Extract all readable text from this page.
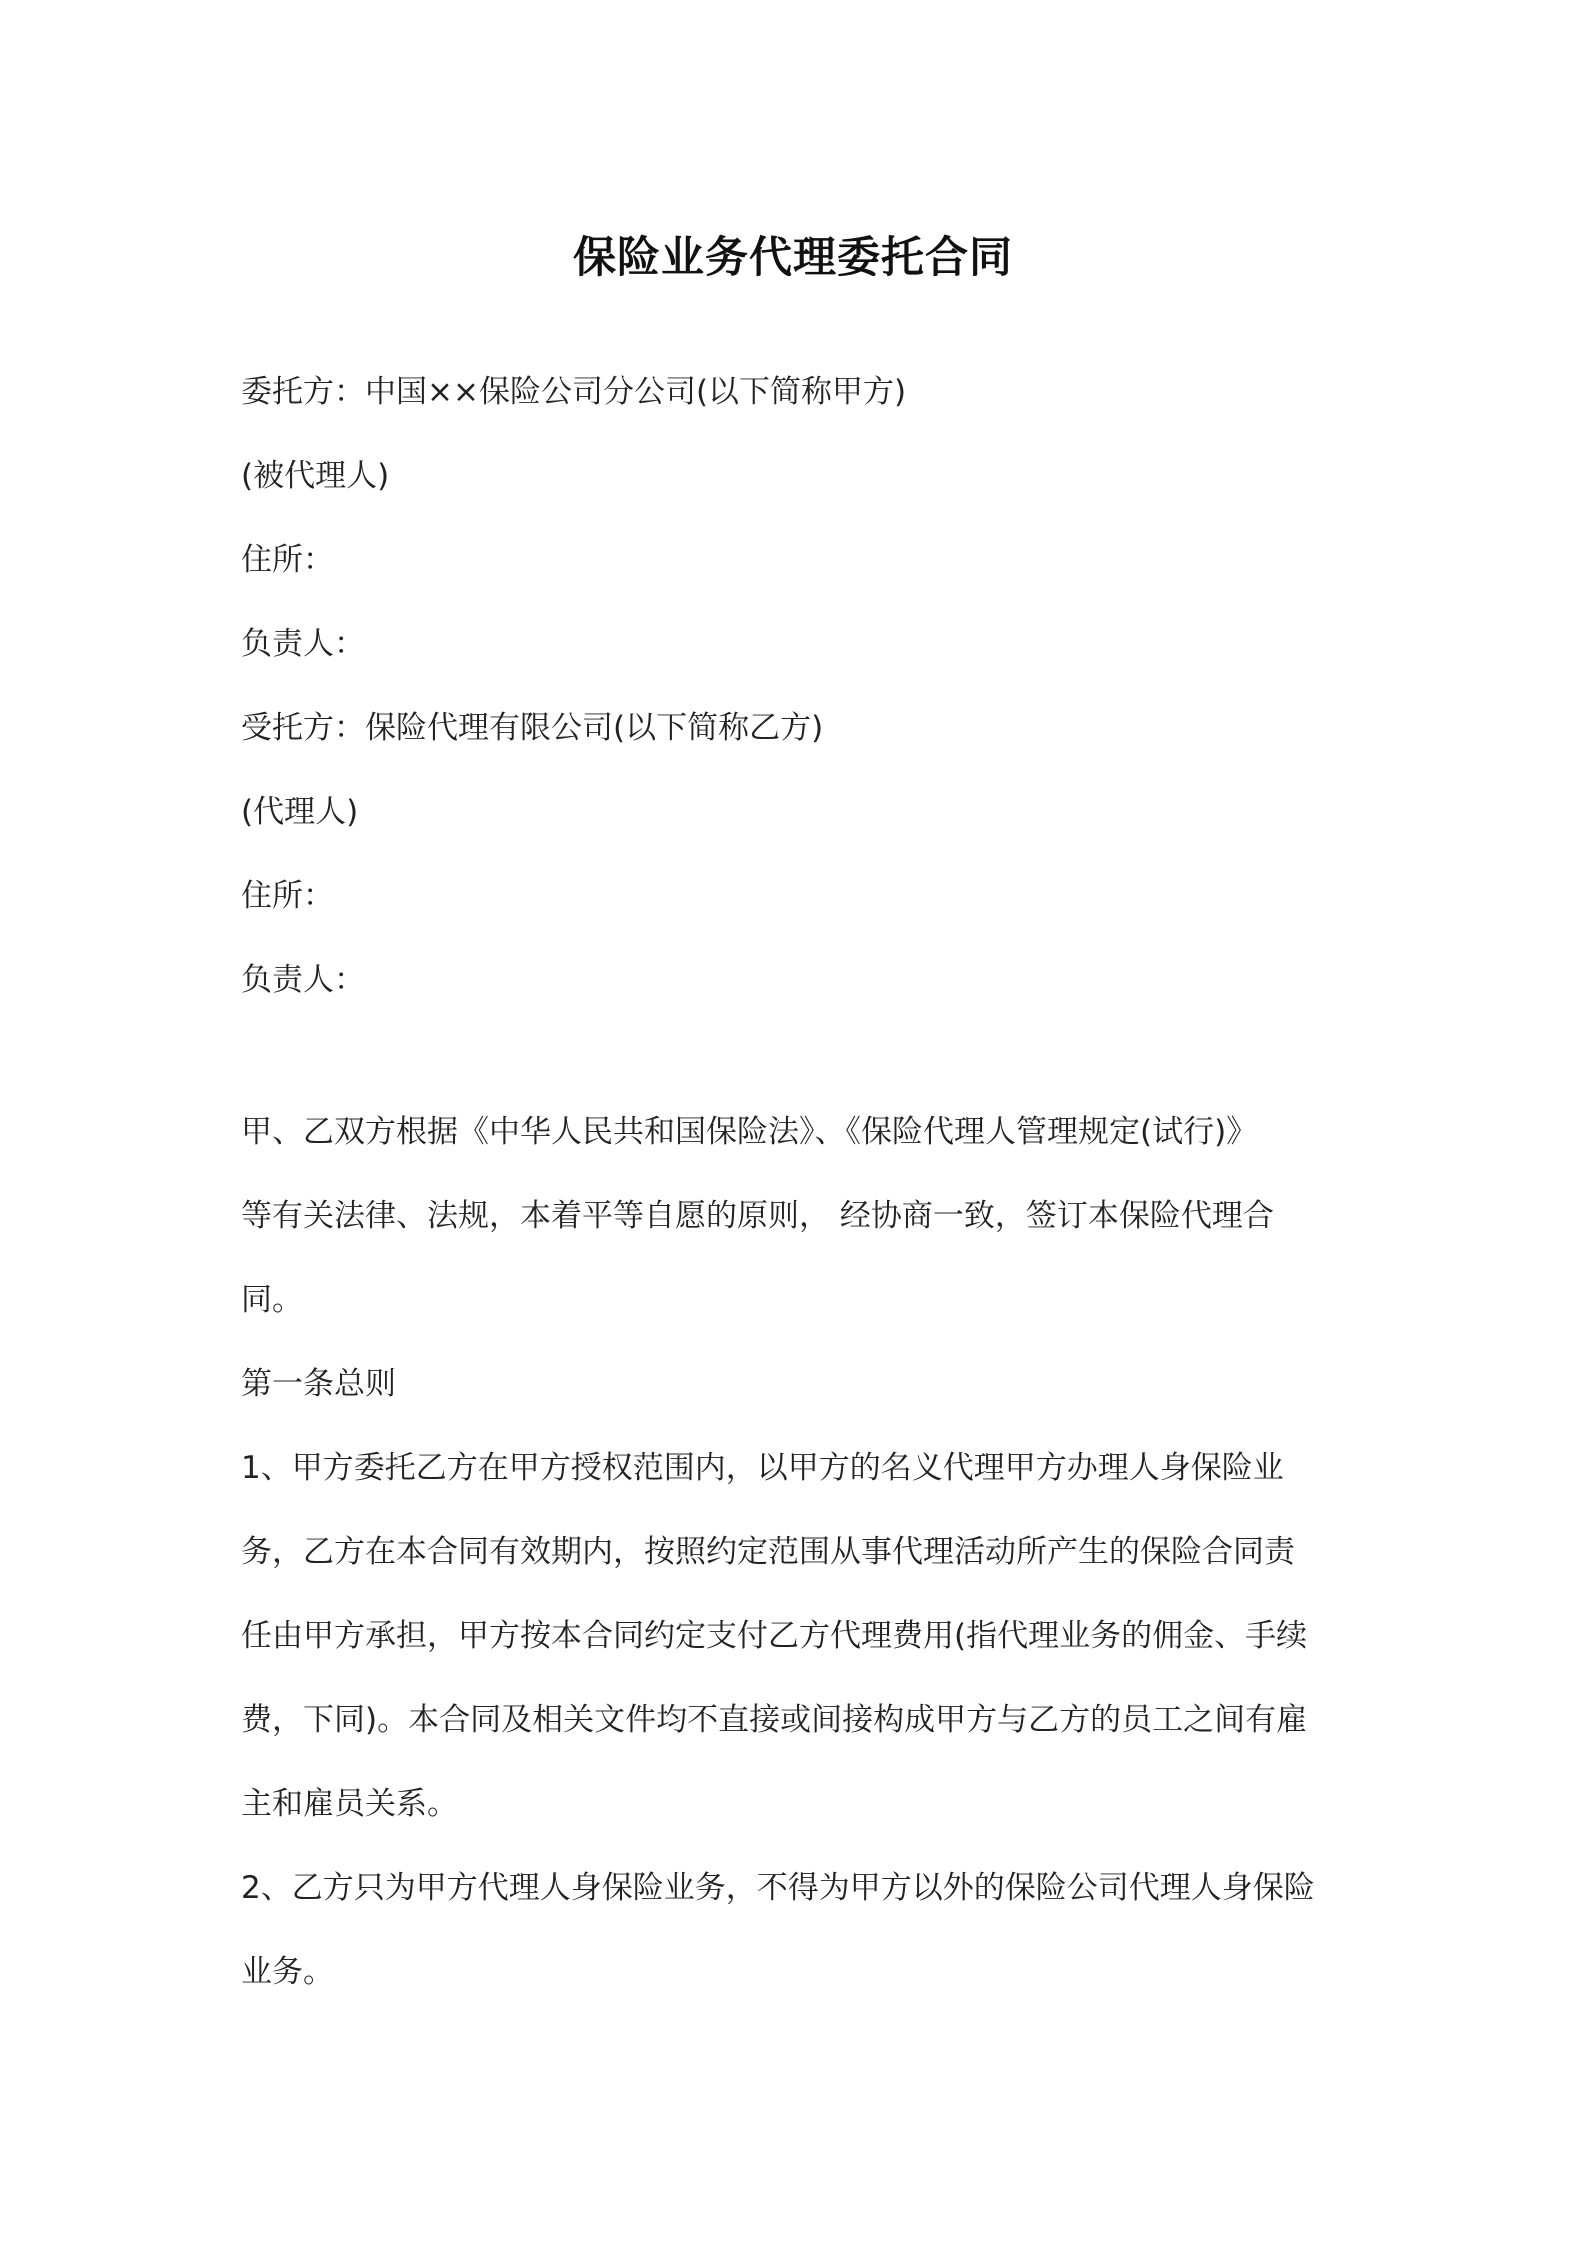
保险业务代理委托合同
委托方：中国××保险公司分公司(以下简称甲方)
(被代理人)
住所：
负责人：
受托方：保险代理有限公司(以下简称乙方)
(代理人)
住所：
负责人：
甲、乙双方根据《中华人民共和国保险法》、《保险代理人管理规定(试行)》
等有关法律、法规，本着平等自愿的原则， 经协商一致，签订本保险代理合
同。
第一条总则
1、甲方委托乙方在甲方授权范围内，以甲方的名义代理甲方办理人身保险业
务，乙方在本合同有效期内，按照约定范围从事代理活动所产生的保险合同责
任由甲方承担，甲方按本合同约定支付乙方代理费用(指代理业务的佣金、手续
费，下同)。本合同及相关文件均不直接或间接构成甲方与乙方的员工之间有雇
主和雇员关系。
2、乙方只为甲方代理人身保险业务，不得为甲方以外的保险公司代理人身保险
业务。
